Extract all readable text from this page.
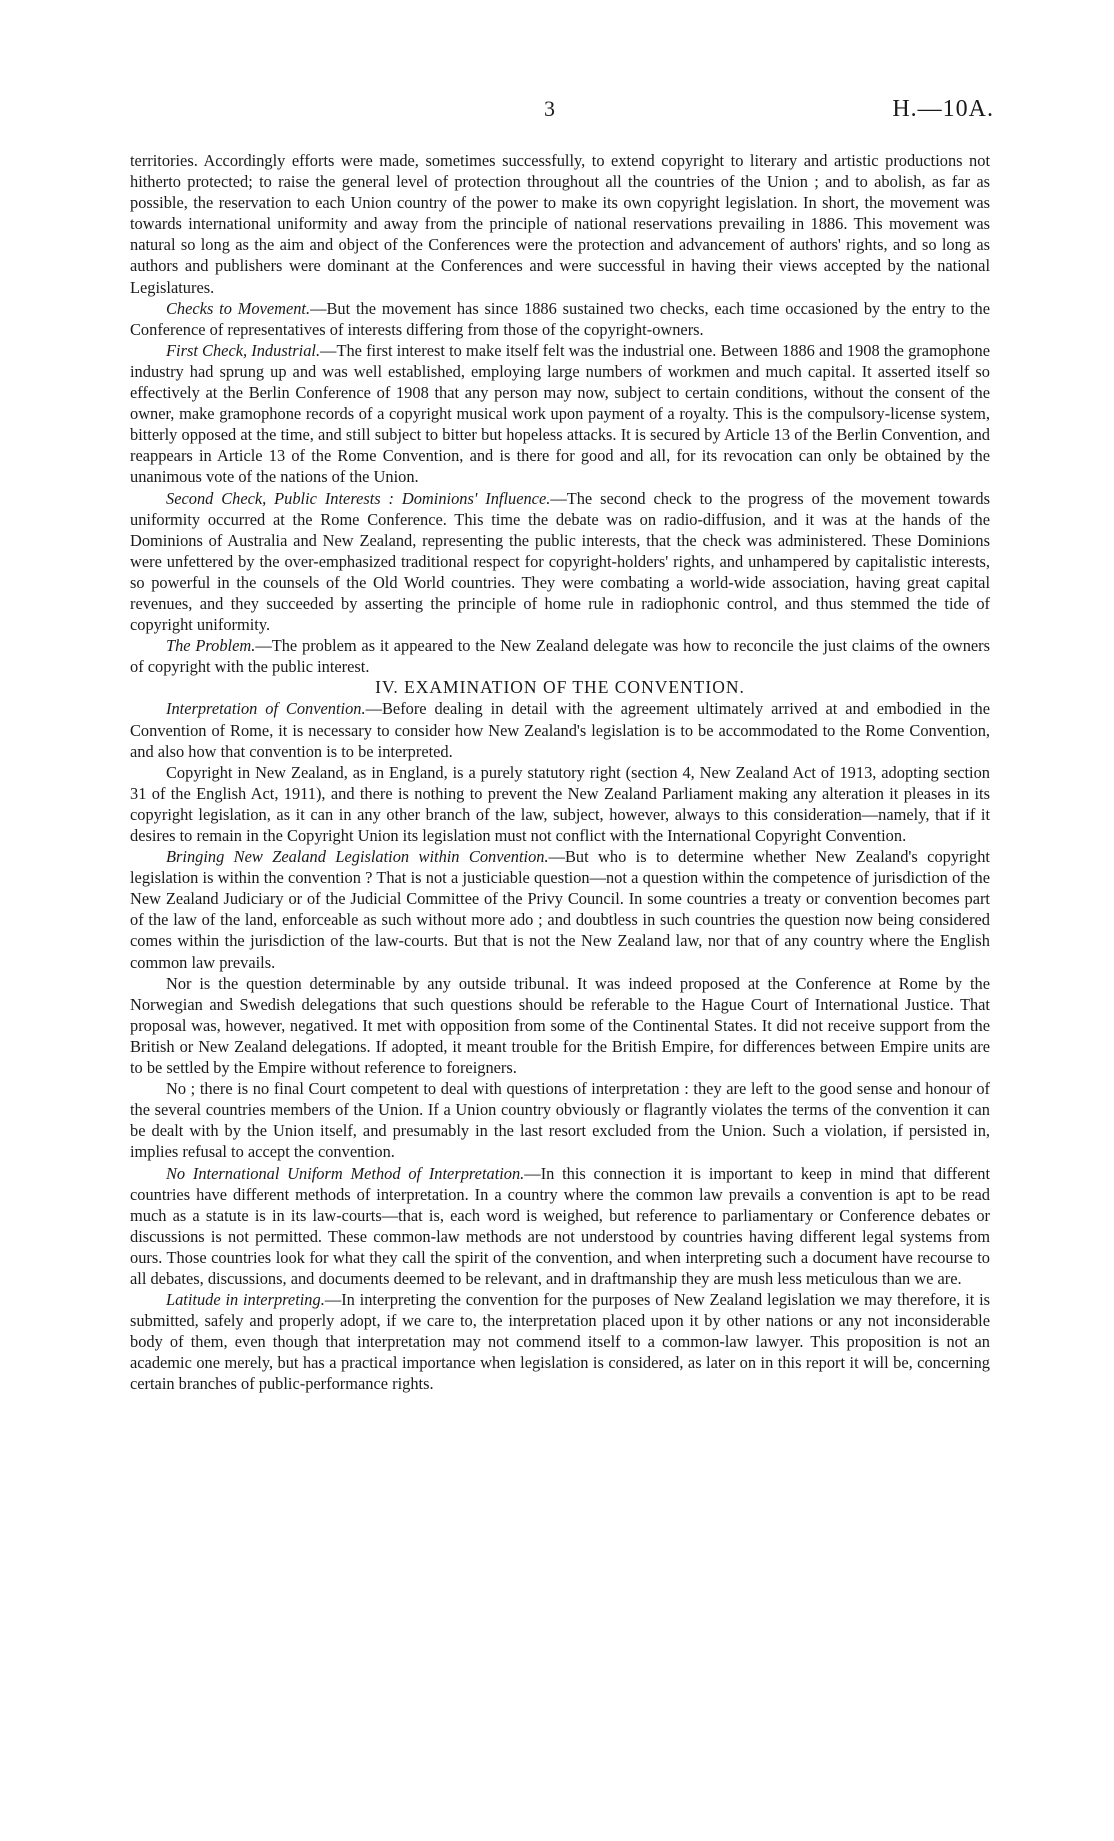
3	H.—10A.

territories. Accordingly efforts were made, sometimes successfully, to extend copyright to literary and artistic productions not hitherto protected; to raise the general level of protection throughout all the countries of the Union ; and to abolish, as far as possible, the reservation to each Union country of the power to make its own copyright legislation. In short, the movement was towards international uniformity and away from the principle of national reservations prevailing in 1886. This movement was natural so long as the aim and object of the Conferences were the protection and advancement of authors' rights, and so long as authors and publishers were dominant at the Conferences and were successful in having their views accepted by the national Legislatures.

Checks to Movement.—But the movement has since 1886 sustained two checks, each time occasioned by the entry to the Conference of representatives of interests differing from those of the copyright-owners.

First Check, Industrial.—The first interest to make itself felt was the industrial one. Between 1886 and 1908 the gramophone industry had sprung up and was well established, employing large numbers of workmen and much capital. It asserted itself so effectively at the Berlin Conference of 1908 that any person may now, subject to certain conditions, without the consent of the owner, make gramophone records of a copyright musical work upon payment of a royalty. This is the compulsory-license system, bitterly opposed at the time, and still subject to bitter but hopeless attacks. It is secured by Article 13 of the Berlin Convention, and reappears in Article 13 of the Rome Convention, and is there for good and all, for its revocation can only be obtained by the unanimous vote of the nations of the Union.

Second Check, Public Interests : Dominions' Influence.—The second check to the progress of the movement towards uniformity occurred at the Rome Conference. This time the debate was on radio-diffusion, and it was at the hands of the Dominions of Australia and New Zealand, representing the public interests, that the check was administered. These Dominions were unfettered by the over-emphasized traditional respect for copyright-holders' rights, and unhampered by capitalistic interests, so powerful in the counsels of the Old World countries. They were combating a world-wide association, having great capital revenues, and they succeeded by asserting the principle of home rule in radiophonic control, and thus stemmed the tide of copyright uniformity.

The Problem.—The problem as it appeared to the New Zealand delegate was how to reconcile the just claims of the owners of copyright with the public interest.

IV. EXAMINATION OF THE CONVENTION.

Interpretation of Convention.—Before dealing in detail with the agreement ultimately arrived at and embodied in the Convention of Rome, it is necessary to consider how New Zealand's legislation is to be accommodated to the Rome Convention, and also how that convention is to be interpreted.

Copyright in New Zealand, as in England, is a purely statutory right (section 4, New Zealand Act of 1913, adopting section 31 of the English Act, 1911), and there is nothing to prevent the New Zealand Parliament making any alteration it pleases in its copyright legislation, as it can in any other branch of the law, subject, however, always to this consideration—namely, that if it desires to remain in the Copyright Union its legislation must not conflict with the International Copyright Convention.

Bringing New Zealand Legislation within Convention.—But who is to determine whether New Zealand's copyright legislation is within the convention ? That is not a justiciable question—not a question within the competence of jurisdiction of the New Zealand Judiciary or of the Judicial Committee of the Privy Council. In some countries a treaty or convention becomes part of the law of the land, enforceable as such without more ado ; and doubtless in such countries the question now being considered comes within the jurisdiction of the law-courts. But that is not the New Zealand law, nor that of any country where the English common law prevails.

Nor is the question determinable by any outside tribunal. It was indeed proposed at the Conference at Rome by the Norwegian and Swedish delegations that such questions should be referable to the Hague Court of International Justice. That proposal was, however, negatived. It met with opposition from some of the Continental States. It did not receive support from the British or New Zealand delegations. If adopted, it meant trouble for the British Empire, for differences between Empire units are to be settled by the Empire without reference to foreigners.

No ; there is no final Court competent to deal with questions of interpretation : they are left to the good sense and honour of the several countries members of the Union. If a Union country obviously or flagrantly violates the terms of the convention it can be dealt with by the Union itself, and presumably in the last resort excluded from the Union. Such a violation, if persisted in, implies refusal to accept the convention.

No International Uniform Method of Interpretation.—In this connection it is important to keep in mind that different countries have different methods of interpretation. In a country where the common law prevails a convention is apt to be read much as a statute is in its law-courts—that is, each word is weighed, but reference to parliamentary or Conference debates or discussions is not permitted. These common-law methods are not understood by countries having different legal systems from ours. Those countries look for what they call the spirit of the convention, and when interpreting such a document have recourse to all debates, discussions, and documents deemed to be relevant, and in draftmanship they are mush less meticulous than we are.

Latitude in interpreting.—In interpreting the convention for the purposes of New Zealand legislation we may therefore, it is submitted, safely and properly adopt, if we care to, the interpretation placed upon it by other nations or any not inconsiderable body of them, even though that interpretation may not commend itself to a common-law lawyer. This proposition is not an academic one merely, but has a practical importance when legislation is considered, as later on in this report it will be, concerning certain branches of public-performance rights.
